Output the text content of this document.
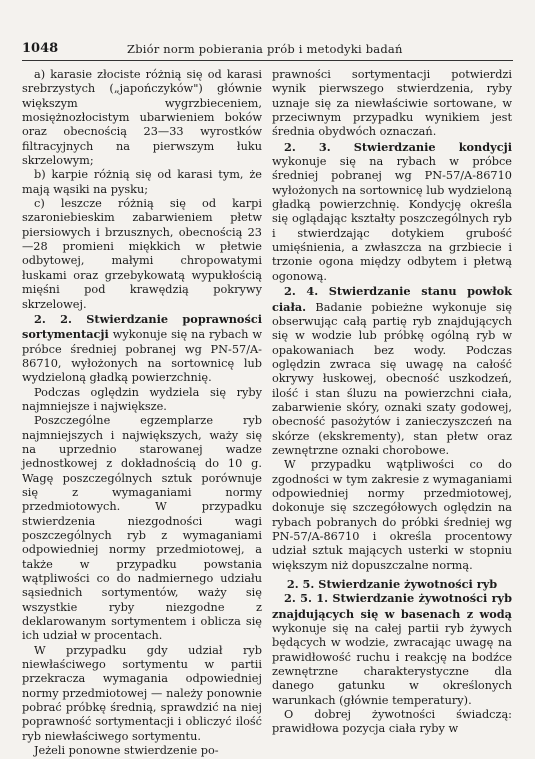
1048	Zbiór norm pobierania prób i metodyki badań

a) karasie złociste różnią się od karasi srebrzystych („japończyków") głównie większym wygrzbieceniem, mosiężnozłocistym ubarwieniem boków oraz obecnością 23—33 wyrostków filtracyjnych na pierwszym łuku skrzelowym;

b) karpie różnią się od karasi tym, że mają wąsiki na pysku;

c) leszcze różnią się od karpi szaroniebieskim zabarwieniem płetw piersiowych i brzusznych, obecnością 23—28 promieni miękkich w płetwie odbytowej, małymi chropowatymi łuskami oraz grzebykowatą wypukłością mięśni pod krawędzią pokrywy skrzelowej.

2. 2. Stwierdzanie poprawności sortymentacji wykonuje się na rybach w próbce średniej pobranej wg PN-57/A-86710, wyłożonych na sortownicę lub wydzieloną gładką powierzchnię.

Podczas oględzin wydziela się ryby najmniejsze i największe.

Poszczególne egzemplarze ryb najmniejszych i największych, waży się na uprzednio starowanej wadze jednostkowej z dokładnością do 10 g. Wagę poszczególnych sztuk porównuje się z wymaganiami normy przedmiotowych. W przypadku stwierdzenia niezgodności wagi poszczególnych ryb z wymaganiami odpowiedniej normy przedmiotowej, a także w przypadku powstania wątpliwości co do nadmiernego udziału sąsiednich sortymentów, waży się wszystkie ryby niezgodne z deklarowanym sortymentem i oblicza się ich udział w procentach.

W przypadku gdy udział ryb niewłaściwego sortymentu w partii przekracza wymagania odpowiedniej normy przedmiotowej — należy ponownie pobrać próbkę średnią, sprawdzić na niej poprawność sortymentacji i obliczyć ilość ryb niewłaściwego sortymentu.

Jeżeli ponowne stwierdzenie po-

prawności sortymentacji potwierdzi wynik pierwszego stwierdzenia, ryby uznaje się za niewłaściwie sortowane, w przeciwnym przypadku wynikiem jest średnia obydwóch oznaczań.

2. 3. Stwierdzanie kondycji wykonuje się na rybach w próbce średniej pobranej wg PN-57/A-86710 wyłożonych na sortownicę lub wydzieloną gładką powierzchnię. Kondycję określa się oglądając kształty poszczególnych ryb i stwierdzając dotykiem grubość umięśnienia, a zwłaszcza na grzbiecie i trzonie ogona między odbytem i płetwą ogonową.

2. 4. Stwierdzanie stanu powłok ciała. Badanie pobieżne wykonuje się obserwując całą partię ryb znajdujących się w wodzie lub próbkę ogólną ryb w opakowaniach bez wody. Podczas oględzin zwraca się uwagę na całość okrywy łuskowej, obecność uszkodzeń, ilość i stan śluzu na powierzchni ciała, zabarwienie skóry, oznaki szaty godowej, obecność pasożytów i zanieczyszczeń na skórze (ekskrementy), stan płetw oraz zewnętrzne oznaki chorobowe.

W przypadku wątpliwości co do zgodności w tym zakresie z wymaganiami odpowiedniej normy przedmiotowej, dokonuje się szczegółowych oględzin na rybach pobranych do próbki średniej wg PN-57/A-86710 i określa procentowy udział sztuk mających usterki w stopniu większym niż dopuszczalne normą.

2. 5. Stwierdzanie żywotności ryb

2. 5. 1. Stwierdzanie żywotności ryb znajdujących się w basenach z wodą wykonuje się na całej partii ryb żywych będących w wodzie, zwracając uwagę na prawidłowość ruchu i reakcję na bodźce zewnętrzne charakterystyczne dla danego gatunku w określonych warunkach (głównie temperatury).

O dobrej żywotności świadczą: prawidłowa pozycja ciała ryby w
